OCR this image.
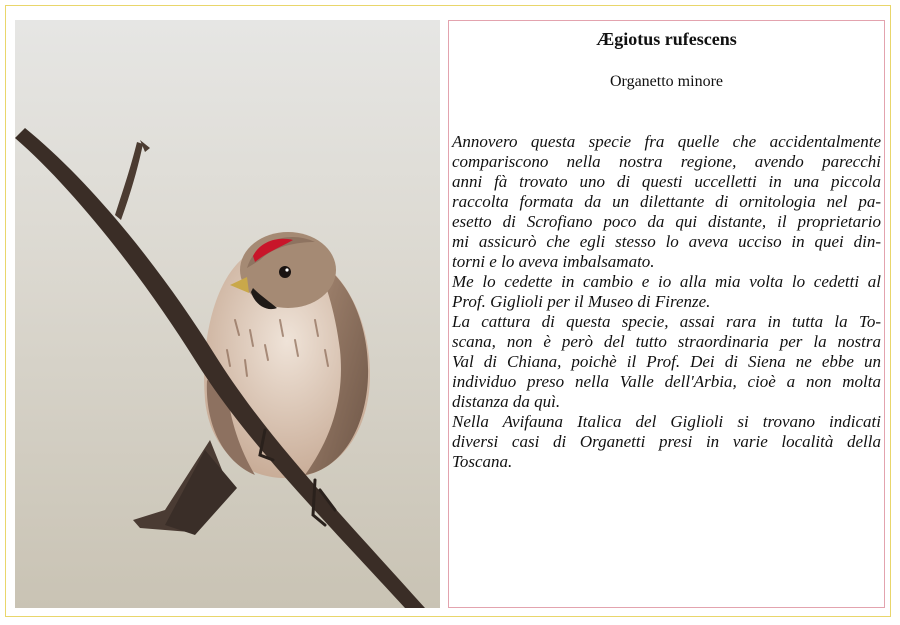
Ægiotus rufescens

Organetto minore

Annovero questa specie fra quelle che accidentalmente
compariscono nella nostra regione, avendo parecchi
anni fà trovato uno di questi uccelletti in una piccola
raccolta formata da un dilettante di ornitologia nel pa-
esetto di Scrofiano poco da qui distante, il proprietario
mi assicurò che egli stesso lo aveva ucciso in quei din-
torni e lo aveva imbalsamato.
Me lo cedette in cambio e io alla mia volta lo cedetti al
Prof. Giglioli per il Museo di Firenze.
La cattura di questa specie, assai rara in tutta la To-
scana, non è però del tutto straordinaria per la nostra
Val di Chiana, poichè il Prof. Dei di Siena ne ebbe un
individuo preso nella Valle dell'Arbia, cioè a non molta
distanza da quì.
Nella Avifauna Italica del Giglioli si trovano indicati
diversi casi di Organetti presi in varie località della
Toscana.
